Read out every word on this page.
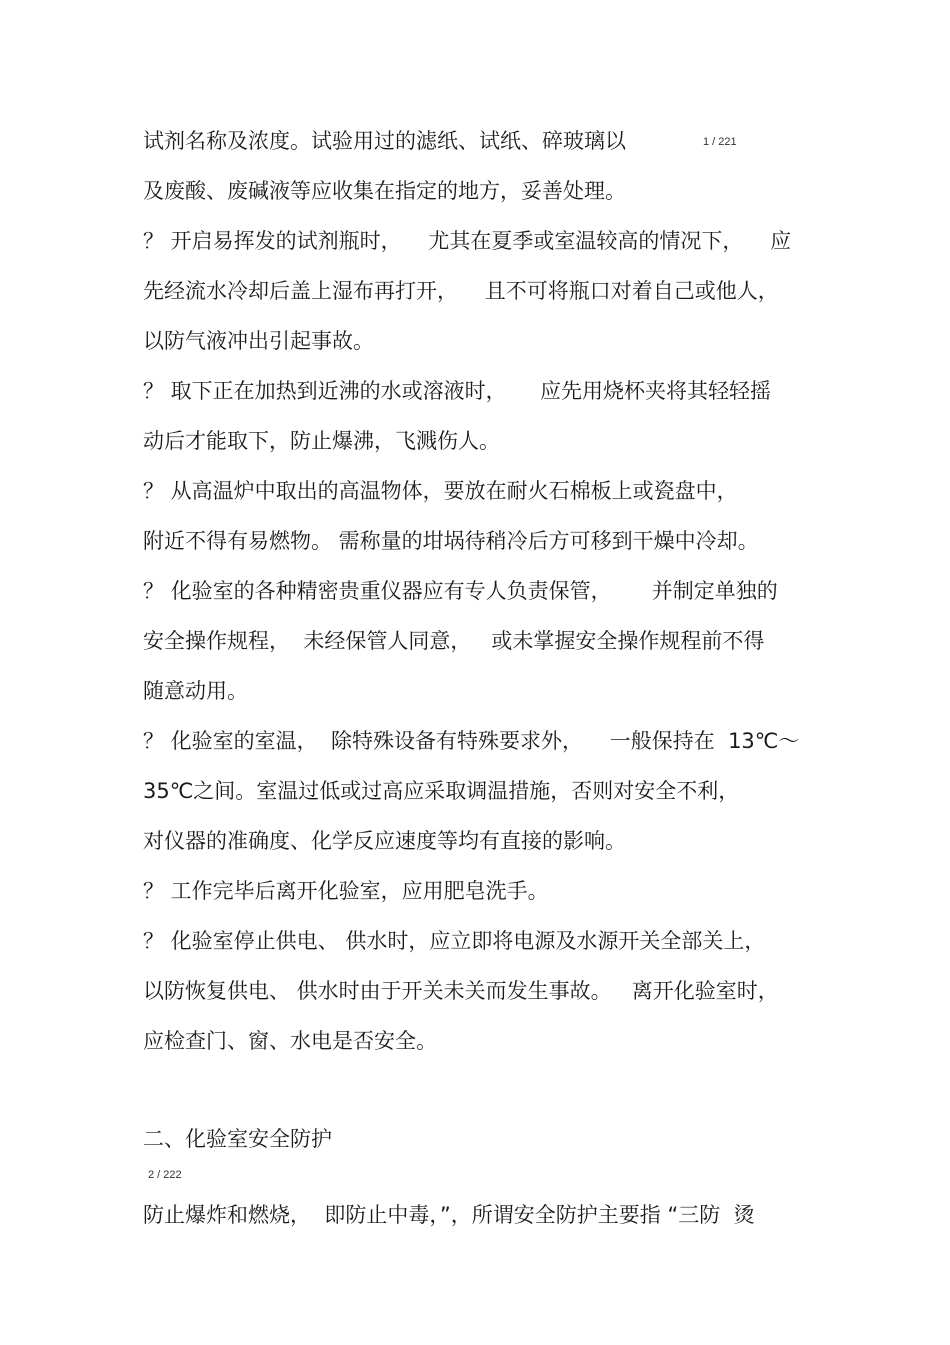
1 / 221
试剂名称及浓度。试验用过的滤纸、试纸、碎玻璃以
及废酸、废碱液等应收集在指定的地方，妥善处理。
？ 开启易挥发的试剂瓶时，    尤其在夏季或室温较高的情况下，    应
先经流水冷却后盖上湿布再打开，    且不可将瓶口对着自己或他人，
以防气液冲出引起事故。
？ 取下正在加热到近沸的水或溶液时，     应先用烧杯夹将其轻轻摇
动后才能取下，防止爆沸，飞溅伤人。
？ 从高温炉中取出的高温物体，要放在耐火石棉板上或瓷盘中，
附近不得有易燃物。 需称量的坩埚待稍冷后方可移到干燥中冷却。
？ 化验室的各种精密贵重仪器应有专人负责保管，      并制定单独的
安全操作规程，  未经保管人同意，   或未掌握安全操作规程前不得
随意动用。
？ 化验室的室温，  除特殊设备有特殊要求外，    一般保持在  13℃～
35℃之间。室温过低或过高应采取调温措施，否则对安全不利，
对仪器的准确度、化学反应速度等均有直接的影响。
？ 工作完毕后离开化验室，应用肥皂洗手。
？ 化验室停止供电、 供水时，应立即将电源及水源开关全部关上，
以防恢复供电、 供水时由于开关未关而发生事故。   离开化验室时，
应检查门、窗、水电是否安全。
二、化验室安全防护
2 / 222
防止爆炸和燃烧，  即防止中毒，”，所谓安全防护主要指 “三防  烫
